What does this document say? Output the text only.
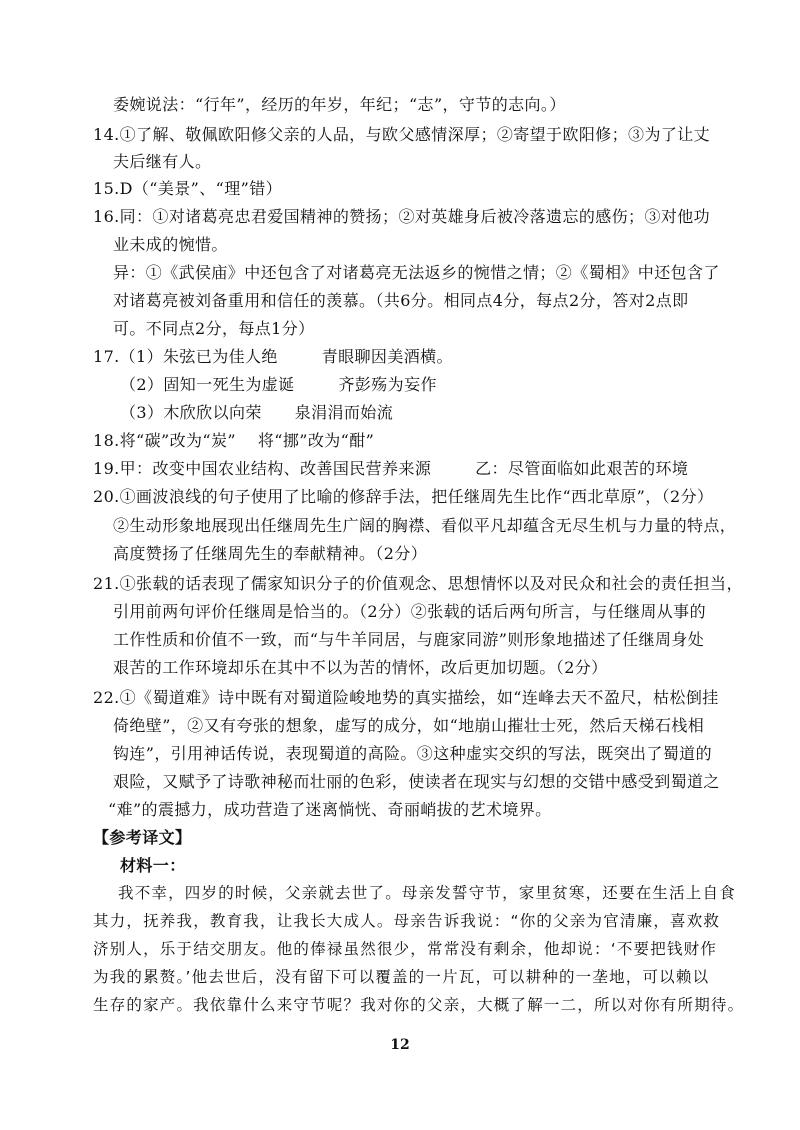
委婉说法：“行年”，经历的年岁，年纪；“志”，守节的志向。）
14.①了解、敬佩欧阳修父亲的人品，与欧父感情深厚；②寄望于欧阳修；③为了让丈
夫后继有人。
15.D（“美景”、“理”错）
16.同：①对诸葛亮忠君爱国精神的赞扬；②对英雄身后被冷落遗忘的感伤；③对他功
业未成的惋惜。
异：①《武侯庙》中还包含了对诸葛亮无法返乡的惋惜之情；②《蜀相》中还包含了
对诸葛亮被刘备重用和信任的羡慕。（共6分。相同点4分，每点2分，答对2点即
可。不同点2分，每点1分）
17.（1）朱弦已为佳人绝        青眼聊因美酒横。
（2）固知一死生为虚诞        齐彭殇为妄作
（3）木欣欣以向荣      泉涓涓而始流
18.将“碳”改为“炭”    将“挪”改为“酣”
19.甲：改变中国农业结构、改善国民营养来源        乙：尽管面临如此艰苦的环境
20.①画波浪线的句子使用了比喻的修辞手法，把任继周先生比作“西北草原”，（2分）
②生动形象地展现出任继周先生广阔的胸襟、看似平凡却蕴含无尽生机与力量的特点，
高度赞扬了任继周先生的奉献精神。（2分）
21.①张载的话表现了儒家知识分子的价值观念、思想情怀以及对民众和社会的责任担当，
引用前两句评价任继周是恰当的。（2分）②张载的话后两句所言，与任继周从事的
工作性质和价值不一致，而“与牛羊同居，与鹿家同游”则形象地描述了任继周身处
艰苦的工作环境却乐在其中不以为苦的情怀，改后更加切题。（2分）
22.①《蜀道难》诗中既有对蜀道险峻地势的真实描绘，如“连峰去天不盈尺，枯松倒挂
倚绝壁”，②又有夸张的想象，虚写的成分，如“地崩山摧壮士死，然后天梯石栈相
钩连”，引用神话传说，表现蜀道的高险。③这种虚实交织的写法，既突出了蜀道的
艰险，又赋予了诗歌神秘而壮丽的色彩，使读者在现实与幻想的交错中感受到蜀道之
“难”的震撼力，成功营造了迷离惝恍、奇丽峭拔的艺术境界。
【参考译文】
材料一：
我不幸，四岁的时候，父亲就去世了。母亲发誓守节，家里贫寒，还要在生活上自食
其力，抚养我，教育我，让我长大成人。母亲告诉我说：“你的父亲为官清廉，喜欢救
济别人，乐于结交朋友。他的俸禄虽然很少，常常没有剩余，他却说：‘不要把钱财作
为我的累赘。’他去世后，没有留下可以覆盖的一片瓦，可以耕种的一垄地，可以赖以
生存的家产。我依靠什么来守节呢？我对你的父亲，大概了解一二，所以对你有所期待。
12
